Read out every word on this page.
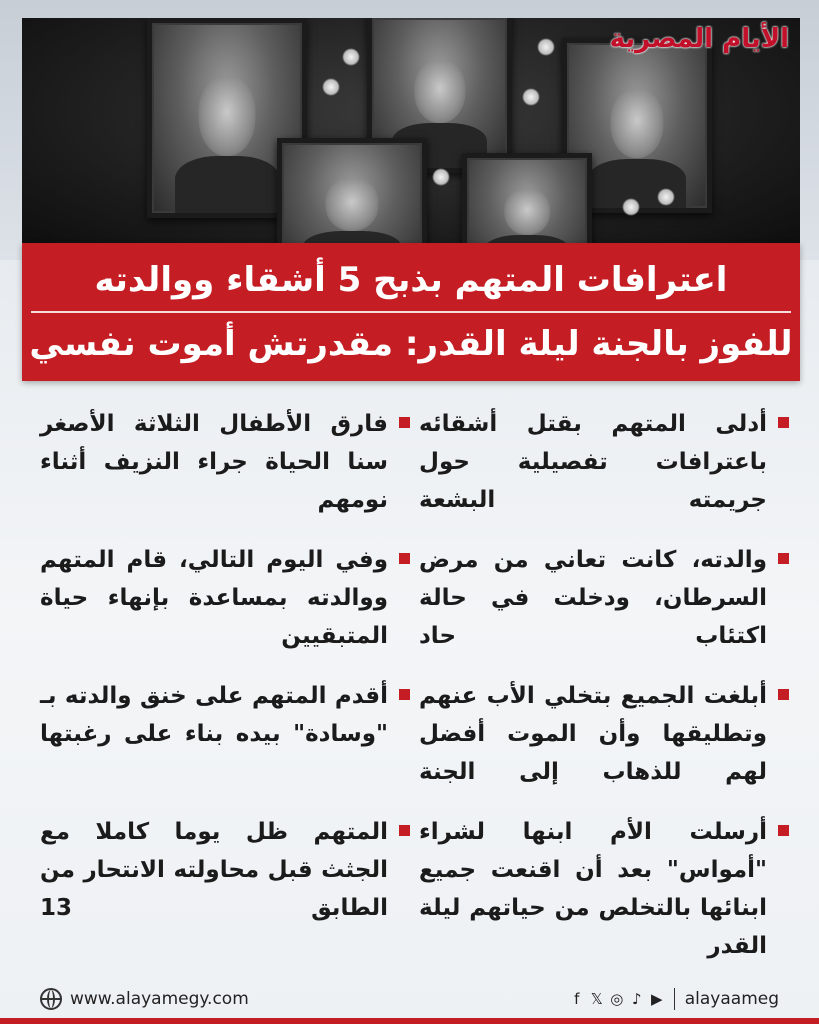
الأيام المصرية
اعترافات المتهم بذبح 5 أشقاء ووالدته
للفوز بالجنة ليلة القدر: مقدرتش أموت نفسي
أدلى المتهم بقتل أشقائه باعترافات تفصيلية حول جريمته البشعة
والدته، كانت تعاني من مرض السرطان، ودخلت في حالة اكتئاب حاد
أبلغت الجميع بتخلي الأب عنهم وتطليقها وأن الموت أفضل لهم للذهاب إلى الجنة
أرسلت الأم ابنها لشراء "أمواس" بعد أن اقنعت جميع ابنائها بالتخلص من حياتهم ليلة القدر
فارق الأطفال الثلاثة الأصغر سنا الحياة جراء النزيف أثناء نومهم
وفي اليوم التالي، قام المتهم ووالدته بمساعدة بإنهاء حياة المتبقيين
أقدم المتهم على خنق والدته بـ "وسادة" بيده بناء على رغبتها
المتهم ظل يوما كاملا مع الجثث قبل محاولته الانتحار من الطابق 13
www.alayamegy.com	f 𝕏 ◎ ♪ ▶ alayaameg
